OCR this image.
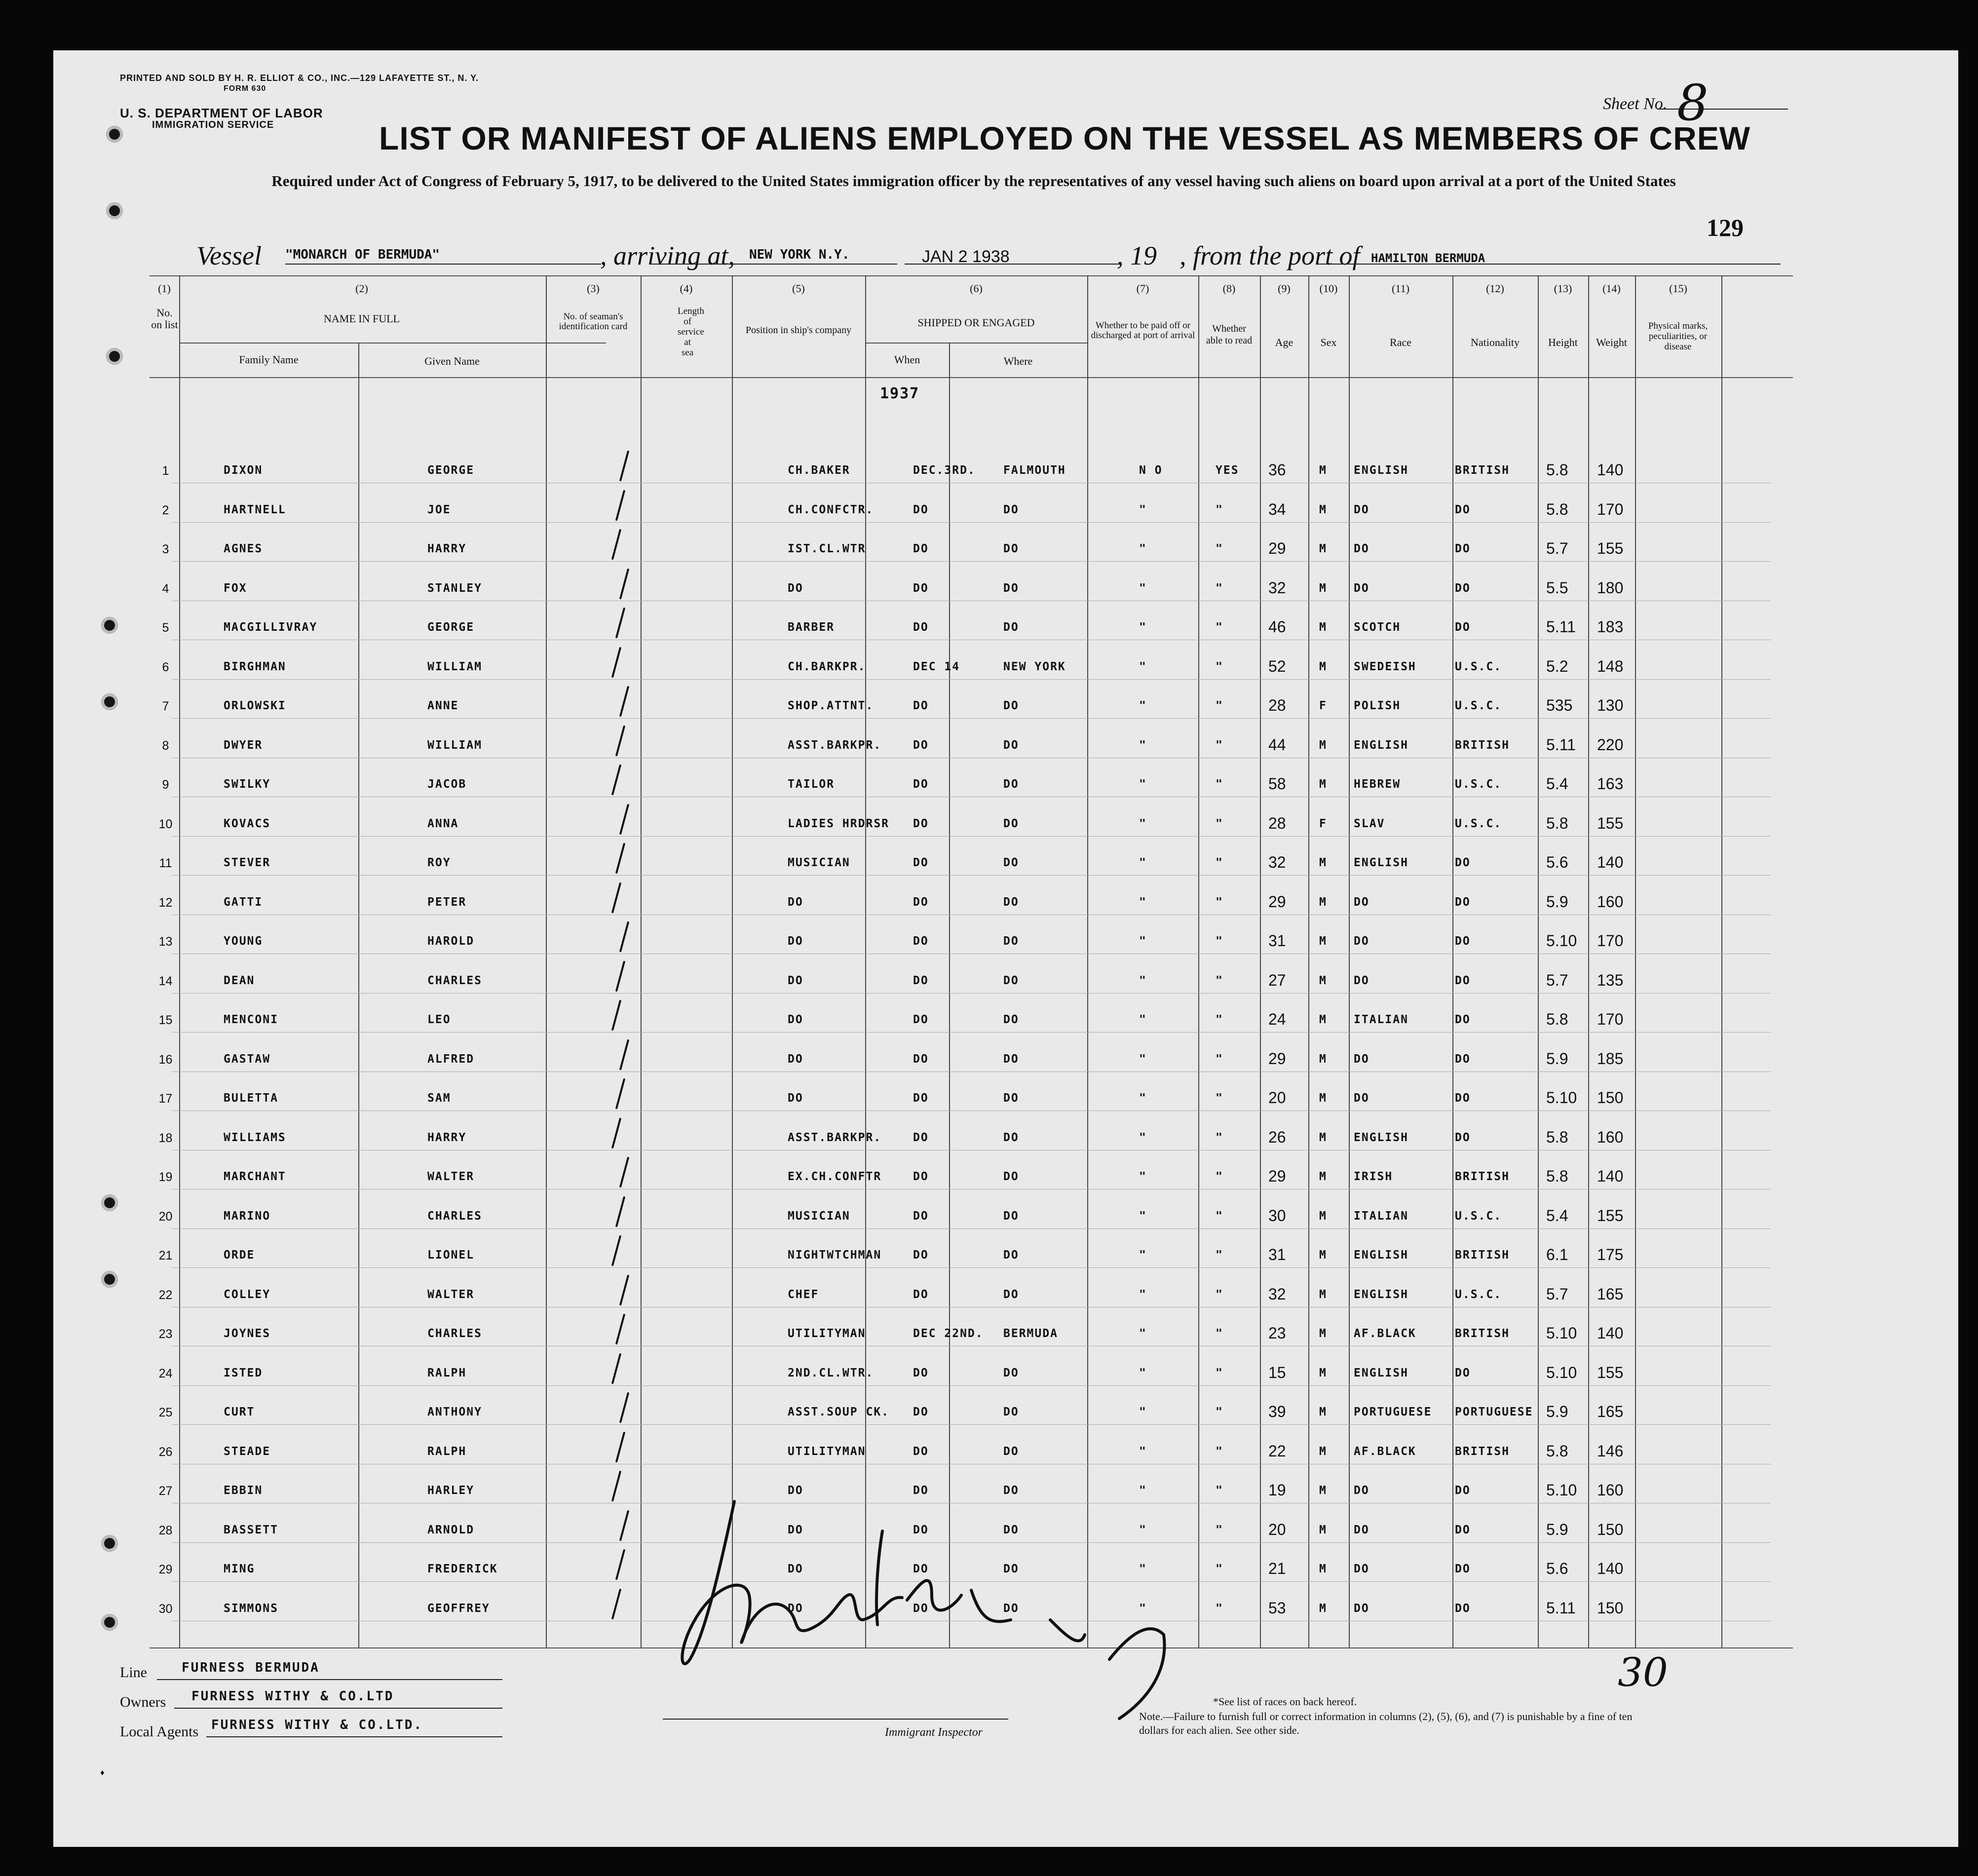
PRINTED AND SOLD BY H. R. ELLIOT & CO., INC.—129 LAFAYETTE ST., N. Y.
FORM 630
U. S. DEPARTMENT OF LABOR
IMMIGRATION SERVICE
Sheet No. 8
LIST OR MANIFEST OF ALIENS EMPLOYED ON THE VESSEL AS MEMBERS OF CREW
Required under Act of Congress of February 5, 1917, to be delivered to the United States immigration officer by the representatives of any vessel having such aliens on board upon arrival at a port of the United States
129
Vessel "MONARCH OF BERMUDA"	, arriving at, NEW YORK N.Y.	JAN 2 1938	, 19 , from the port of HAMILTON BERMUDA
(1)
No. on list
(2)
NAME IN FULL
Family Name	Given Name
(3)
No. of seaman's identification card
(4)
Length of service at sea
(5)
Position in ship's company
(6)
SHIPPED OR ENGAGED
When	Where
(7)
Whether to be paid off or discharged at port of arrival
(8)
Whether able to read
(9)
Age
(10)
Sex
(11)
Race
(12)
Nationality
(13)
Height
(14)
Weight
(15)
Physical marks, peculiarities, or disease
1937
1	DIXON	GEORGE	CH.BAKER	DEC.3RD. FALMOUTH	N O	YES 36	M ENGLISH	BRITISH 5.8 140
2	HARTNELL	JOE	CH.CONFCTR.	DO	DO	"	"	34	M DO	DO	5.8 170
3	AGNES	HARRY	IST.CL.WTR	DO	DO	"	"	29	M DO	DO	5.7 155
4	FOX	STANLEY	DO	DO	DO	"	"	32	M DO	DO	5.5 180
5	MACGILLIVRAY	GEORGE	BARBER	DO	DO	"	"	46	M SCOTCH	DO	5.11 183
6	BIRGHMAN	WILLIAM	CH.BARKPR.	DEC 14	NEW YORK	"	"	52	M SWEDEISH	U.S.C.	5.2 148
7	ORLOWSKI	ANNE	SHOP.ATTNT.	DO	DO	"	"	28	F POLISH	U.S.C.	535 130
8	DWYER	WILLIAM	ASST.BARKPR.	DO	DO	"	"	44	M ENGLISH	BRITISH 5.11 220
9	SWILKY	JACOB	TAILOR	DO	DO	"	"	58	M HEBREW	U.S.C.	5.4 163
10	KOVACS	ANNA	LADIES HRDRSR DO	DO	"	"	28	F SLAV	U.S.C.	5.8 155
11	STEVER	ROY	MUSICIAN	DO	DO	"	"	32	M ENGLISH	DO	5.6 140
12	GATTI	PETER	DO	DO	DO	"	"	29	M DO	DO	5.9 160
13	YOUNG	HAROLD	DO	DO	DO	"	"	31	M DO	DO	5.10 170
14	DEAN	CHARLES	DO	DO	DO	"	"	27	M DO	DO	5.7 135
15	MENCONI	LEO	DO	DO	DO	"	"	24	M ITALIAN	DO	5.8 170
16	GASTAW	ALFRED	DO	DO	DO	"	"	29	M DO	DO	5.9 185
17	BULETTA	SAM	DO	DO	DO	"	"	20	M DO	DO	5.10 150
18	WILLIAMS	HARRY	ASST.BARKPR.	DO	DO	"	"	26	M ENGLISH	DO	5.8 160
19	MARCHANT	WALTER	EX.CH.CONFTR	DO	DO	"	"	29	M IRISH	BRITISH 5.8 140
20	MARINO	CHARLES	MUSICIAN	DO	DO	"	"	30	M ITALIAN	U.S.C.	5.4 155
21	ORDE	LIONEL	NIGHTWTCHMAN	DO	DO	"	"	31	M ENGLISH	BRITISH 6.1 175
22	COLLEY	WALTER	CHEF	DO	DO	"	"	32	M ENGLISH	U.S.C.	5.7 165
23	JOYNES	CHARLES	UTILITYMAN	DEC 22ND. BERMUDA	"	"	23	M AF.BLACK	BRITISH 5.10 140
24	ISTED	RALPH	2ND.CL.WTR.	DO	DO	"	"	15	M ENGLISH	DO	5.10 155
25	CURT	ANTHONY	ASST.SOUP CK. DO	DO	"	"	39	M PORTUGUESE PORTUGUESE 5.9 165
26	STEADE	RALPH	UTILITYMAN	DO	DO	"	"	22	M AF.BLACK	BRITISH 5.8 146
27	EBBIN	HARLEY	DO	DO	DO	"	"	19	M DO	DO	5.10 160
28	BASSETT	ARNOLD	DO	DO	DO	"	"	20	M DO	DO	5.9 150
29	MING	FREDERICK	DO	DO	DO	"	"	21	M DO	DO	5.6 140
30	SIMMONS	GEOFFREY	DO	DO	DO	"	"	53	M DO	DO	5.11 150
Line	FURNESS BERMUDA
Owners FURNESS WITHY & CO.LTD
Local Agents FURNESS WITHY & CO.LTD.	Immigrant Inspector
*See list of races on back hereof.
Note.—Failure to furnish full or correct information in columns (2), (5), (6), and (7) is punishable by a fine of ten dollars for each alien. See other side.
30
♦
